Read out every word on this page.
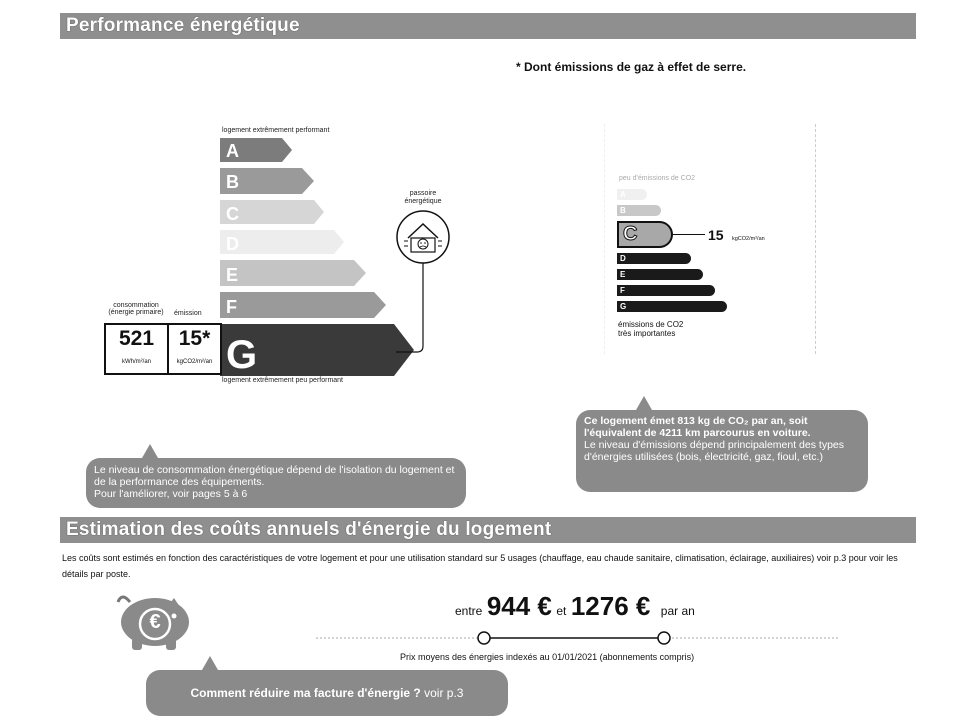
Performance énergétique
* Dont émissions de gaz à effet de serre.
logement extrêmement performant
A
B
C
D
E
F
G
logement extrêmement peu performant
consommation
(énergie primaire)	émission
521
kWh/m²/an
15*
kgCO2/m²/an
passoire
énergétique
Le niveau de consommation énergétique dépend de l'isolation du logement et de la performance des équipements.
Pour l'améliorer, voir pages 5 à 6
peu d'émissions de CO2
A
B
C	15 kgCO2/m²/an
D
E
F
G
émissions de CO2
très importantes
Ce logement émet 813 kg de CO₂ par an, soit l'équivalent de 4211 km parcourus en voiture.
Le niveau d'émissions dépend principalement des types d'énergies utilisées (bois, électricité, gaz, fioul, etc.)
Estimation des coûts annuels d'énergie du logement
Les coûts sont estimés en fonction des caractéristiques de votre logement et pour une utilisation standard sur 5 usages (chauffage, eau chaude sanitaire, climatisation, éclairage, auxiliaires) voir p.3 pour voir les détails par poste.
€	entre 944 € et 1276 € par an
Prix moyens des énergies indexés au 01/01/2021 (abonnements compris)
Comment réduire ma facture d'énergie ? voir p.3
